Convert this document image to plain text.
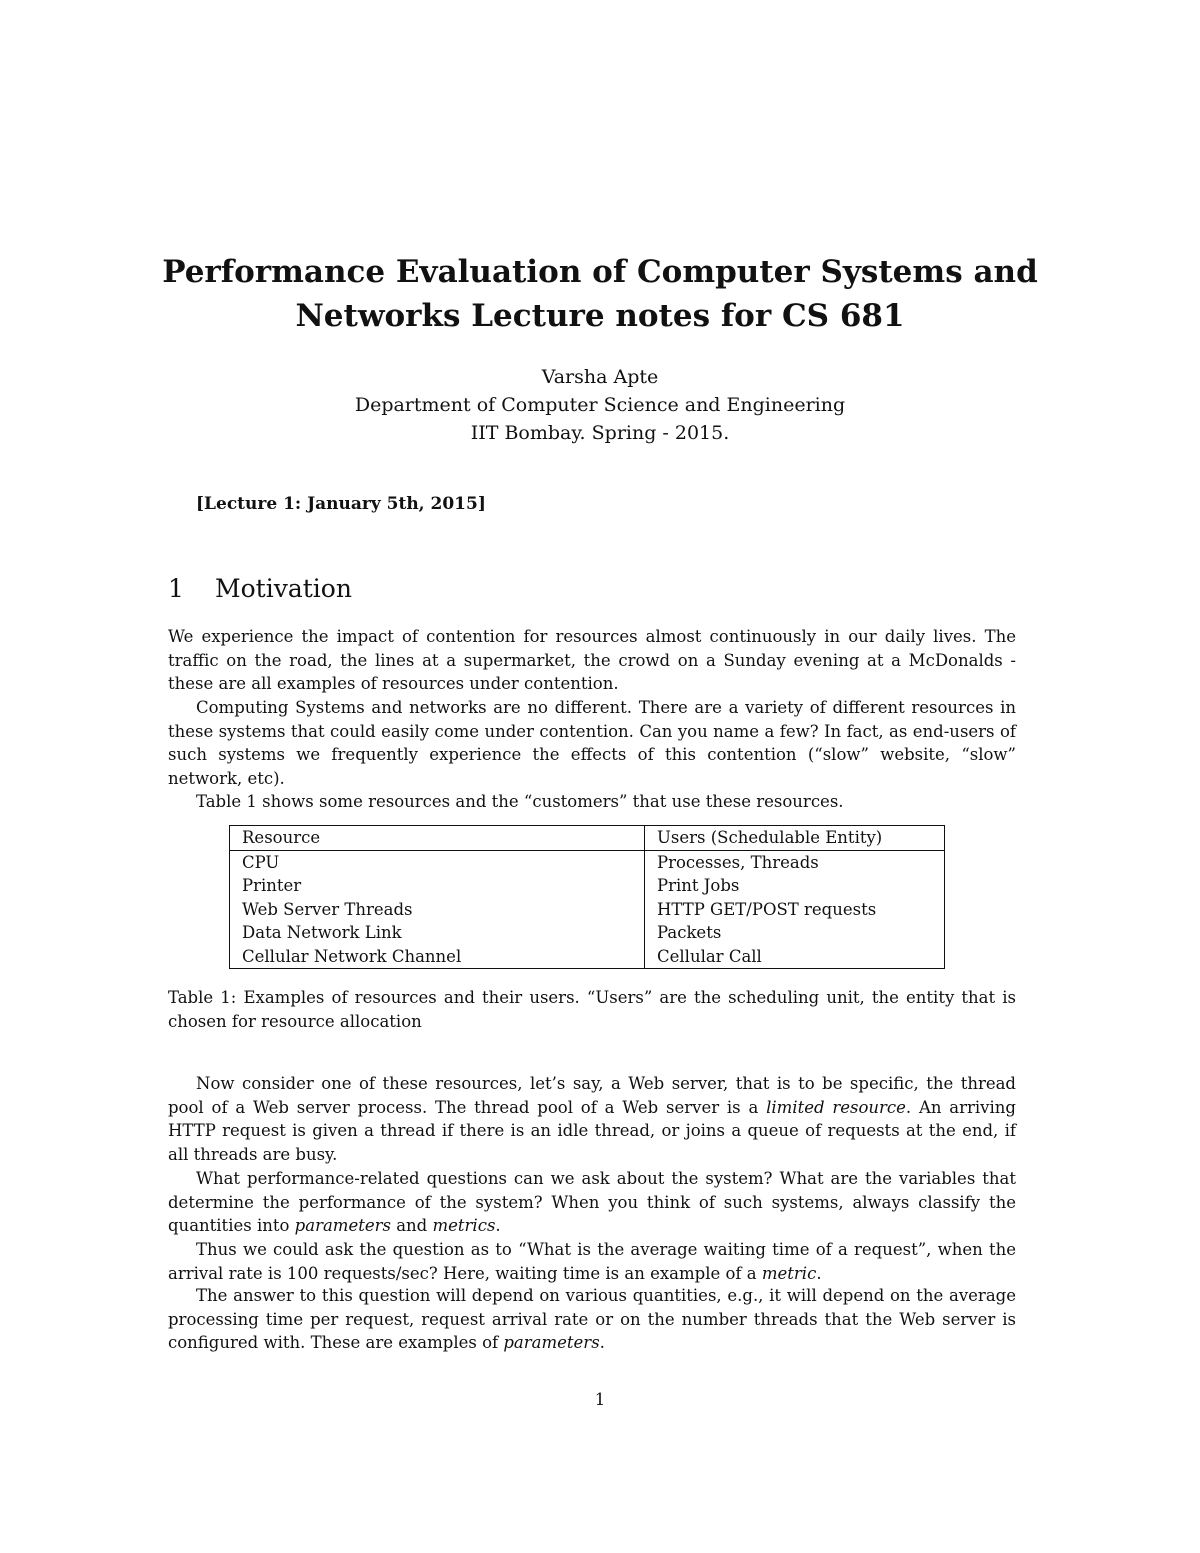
Performance Evaluation of Computer Systems and
Networks Lecture notes for CS 681
Varsha Apte
Department of Computer Science and Engineering
IIT Bombay. Spring - 2015.
[Lecture 1: January 5th, 2015]
1 Motivation

We experience the impact of contention for resources almost continuously in our daily lives. The traffic on the road, the lines at a supermarket, the crowd on a Sunday evening at a McDonalds - these are all examples of resources under contention.

Computing Systems and networks are no different. There are a variety of different resources in these systems that could easily come under contention. Can you name a few? In fact, as end-users of such systems we frequently experience the effects of this contention (“slow” website, “slow” network, etc).

Table 1 shows some resources and the “customers” that use these resources.

Resource	Users (Schedulable Entity)
CPU	Processes, Threads
Printer	Print Jobs
Web Server Threads	HTTP GET/POST requests
Data Network Link	Packets
Cellular Network Channel	Cellular Call
Table 1: Examples of resources and their users. “Users” are the scheduling unit, the entity that is chosen for resource allocation

Now consider one of these resources, let’s say, a Web server, that is to be specific, the thread pool of a Web server process. The thread pool of a Web server is a limited resource. An arriving HTTP request is given a thread if there is an idle thread, or joins a queue of requests at the end, if all threads are busy.

What performance-related questions can we ask about the system? What are the variables that determine the performance of the system? When you think of such systems, always classify the quantities into parameters and metrics.

Thus we could ask the question as to “What is the average waiting time of a request”, when the arrival rate is 100 requests/sec? Here, waiting time is an example of a metric.

The answer to this question will depend on various quantities, e.g., it will depend on the average processing time per request, request arrival rate or on the number threads that the Web server is configured with. These are examples of parameters.

1
